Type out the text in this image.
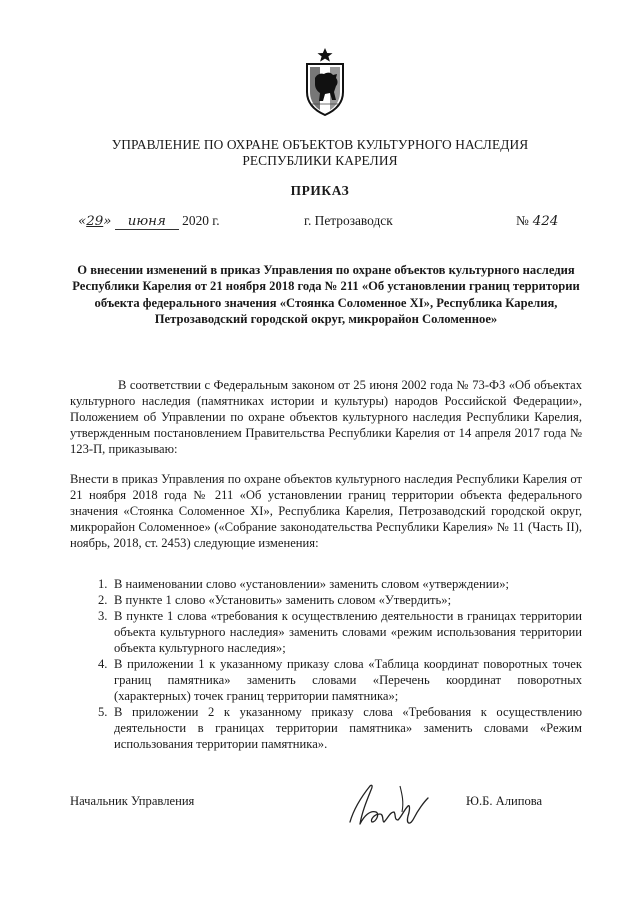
УПРАВЛЕНИЕ ПО ОХРАНЕ ОБЪЕКТОВ КУЛЬТУРНОГО НАСЛЕДИЯ
РЕСПУБЛИКИ КАРЕЛИЯ
ПРИКАЗ
«29» июня 2020 г.	г. Петрозаводск	№ 424
О внесении изменений в приказ Управления по охране объектов культурного наследия Республики Карелия от 21 ноября 2018 года № 211 «Об установлении границ территории объекта федерального значения «Стоянка Соломенное XI», Республика Карелия, Петрозаводский городской округ, микрорайон Соломенное»
В соответствии с Федеральным законом от 25 июня 2002 года № 73-ФЗ «Об объектах культурного наследия (памятниках истории и культуры) народов Российской Федерации», Положением об Управлении по охране объектов культурного наследия Республики Карелия, утвержденным постановлением Правительства Республики Карелия от 14 апреля 2017 года № 123-П, приказываю:
Внести в приказ Управления по охране объектов культурного наследия Республики Карелия от 21 ноября 2018 года № 211 «Об установлении границ территории объекта федерального значения «Стоянка Соломенное XI», Республика Карелия, Петрозаводский городской округ, микрорайон Соломенное» («Собрание законодательства Республики Карелия» № 11 (Часть II), ноябрь, 2018, ст. 2453) следующие изменения:
1. В наименовании слово «установлении» заменить словом «утверждении»;
2. В пункте 1 слово «Установить» заменить словом «Утвердить»;
3. В пункте 1 слова «требования к осуществлению деятельности в границах территории объекта культурного наследия» заменить словами «режим использования территории объекта культурного наследия»;
4. В приложении 1 к указанному приказу слова «Таблица координат поворотных точек границ памятника» заменить словами «Перечень координат поворотных (характерных) точек границ территории памятника»;
5. В приложении 2 к указанному приказу слова «Требования к осуществлению деятельности в границах территории памятника» заменить словами «Режим использования территории памятника».
Начальник Управления	Ю.Б. Алипова
